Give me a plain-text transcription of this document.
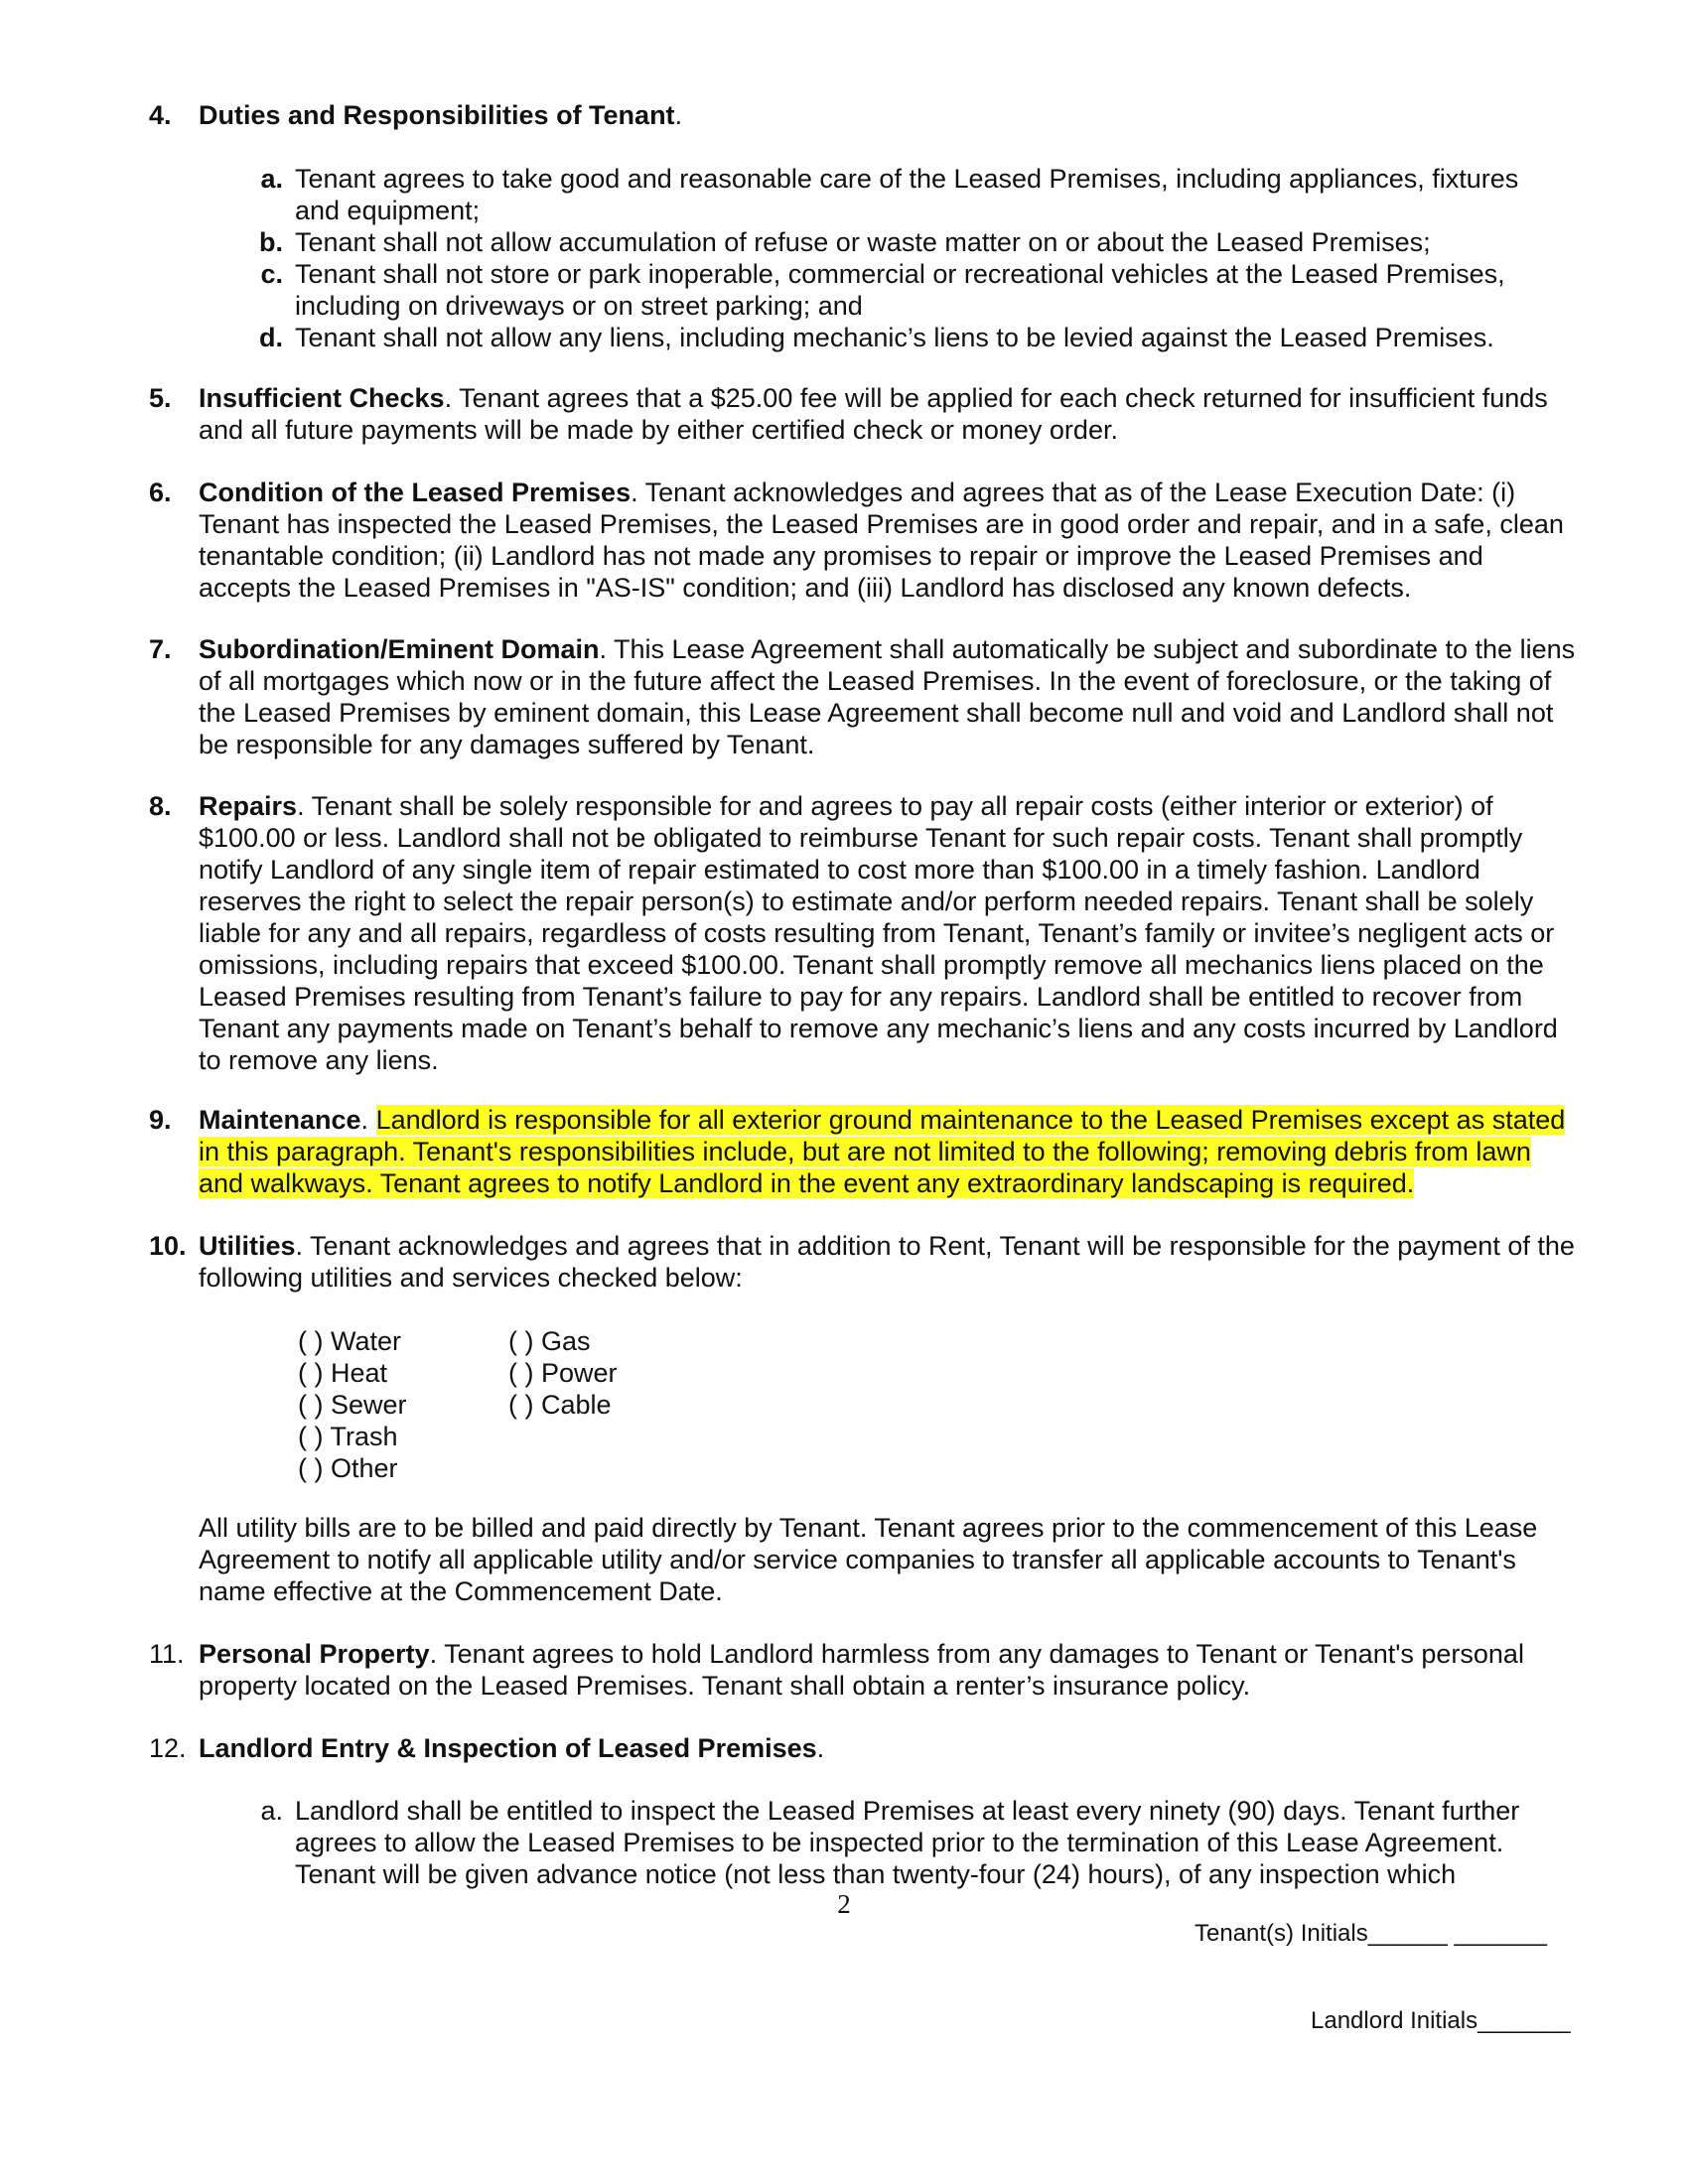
4.	Duties and Responsibilities of Tenant.
a. Tenant agrees to take good and reasonable care of the Leased Premises, including appliances, fixtures and equipment;
b. Tenant shall not allow accumulation of refuse or waste matter on or about the Leased Premises;
c. Tenant shall not store or park inoperable, commercial or recreational vehicles at the Leased Premises, including on driveways or on street parking; and
d. Tenant shall not allow any liens, including mechanic’s liens to be levied against the Leased Premises.
5.	Insufficient Checks. Tenant agrees that a $25.00 fee will be applied for each check returned for insufficient funds and all future payments will be made by either certified check or money order.
6.	Condition of the Leased Premises. Tenant acknowledges and agrees that as of the Lease Execution Date: (i) Tenant has inspected the Leased Premises, the Leased Premises are in good order and repair, and in a safe, clean tenantable condition; (ii) Landlord has not made any promises to repair or improve the Leased Premises and accepts the Leased Premises in "AS-IS" condition; and (iii) Landlord has disclosed any known defects.
7.	Subordination/Eminent Domain. This Lease Agreement shall automatically be subject and subordinate to the liens of all mortgages which now or in the future affect the Leased Premises. In the event of foreclosure, or the taking of the Leased Premises by eminent domain, this Lease Agreement shall become null and void and Landlord shall not be responsible for any damages suffered by Tenant.
8.	Repairs. Tenant shall be solely responsible for and agrees to pay all repair costs (either interior or exterior) of $100.00 or less. Landlord shall not be obligated to reimburse Tenant for such repair costs. Tenant shall promptly notify Landlord of any single item of repair estimated to cost more than $100.00 in a timely fashion. Landlord reserves the right to select the repair person(s) to estimate and/or perform needed repairs. Tenant shall be solely liable for any and all repairs, regardless of costs resulting from Tenant, Tenant’s family or invitee’s negligent acts or omissions, including repairs that exceed $100.00. Tenant shall promptly remove all mechanics liens placed on the Leased Premises resulting from Tenant’s failure to pay for any repairs. Landlord shall be entitled to recover from Tenant any payments made on Tenant’s behalf to remove any mechanic’s liens and any costs incurred by Landlord to remove any liens.
9.	Maintenance. Landlord is responsible for all exterior ground maintenance to the Leased Premises except as stated in this paragraph. Tenant's responsibilities include, but are not limited to the following; removing debris from lawn and walkways. Tenant agrees to notify Landlord in the event any extraordinary landscaping is required.
10. Utilities. Tenant acknowledges and agrees that in addition to Rent, Tenant will be responsible for the payment of the following utilities and services checked below:
( ) Water
( ) Heat
( ) Sewer
( ) Trash
( ) Other
( ) Gas
( ) Power
( ) Cable
All utility bills are to be billed and paid directly by Tenant. Tenant agrees prior to the commencement of this Lease Agreement to notify all applicable utility and/or service companies to transfer all applicable accounts to Tenant's name effective at the Commencement Date.
11. Personal Property. Tenant agrees to hold Landlord harmless from any damages to Tenant or Tenant's personal property located on the Leased Premises. Tenant shall obtain a renter’s insurance policy.
12. Landlord Entry & Inspection of Leased Premises.
a. Landlord shall be entitled to inspect the Leased Premises at least every ninety (90) days. Tenant further agrees to allow the Leased Premises to be inspected prior to the termination of this Lease Agreement. Tenant will be given advance notice (not less than twenty-four (24) hours), of any inspection which
2
Tenant(s) Initials______ _______
Landlord Initials_______
